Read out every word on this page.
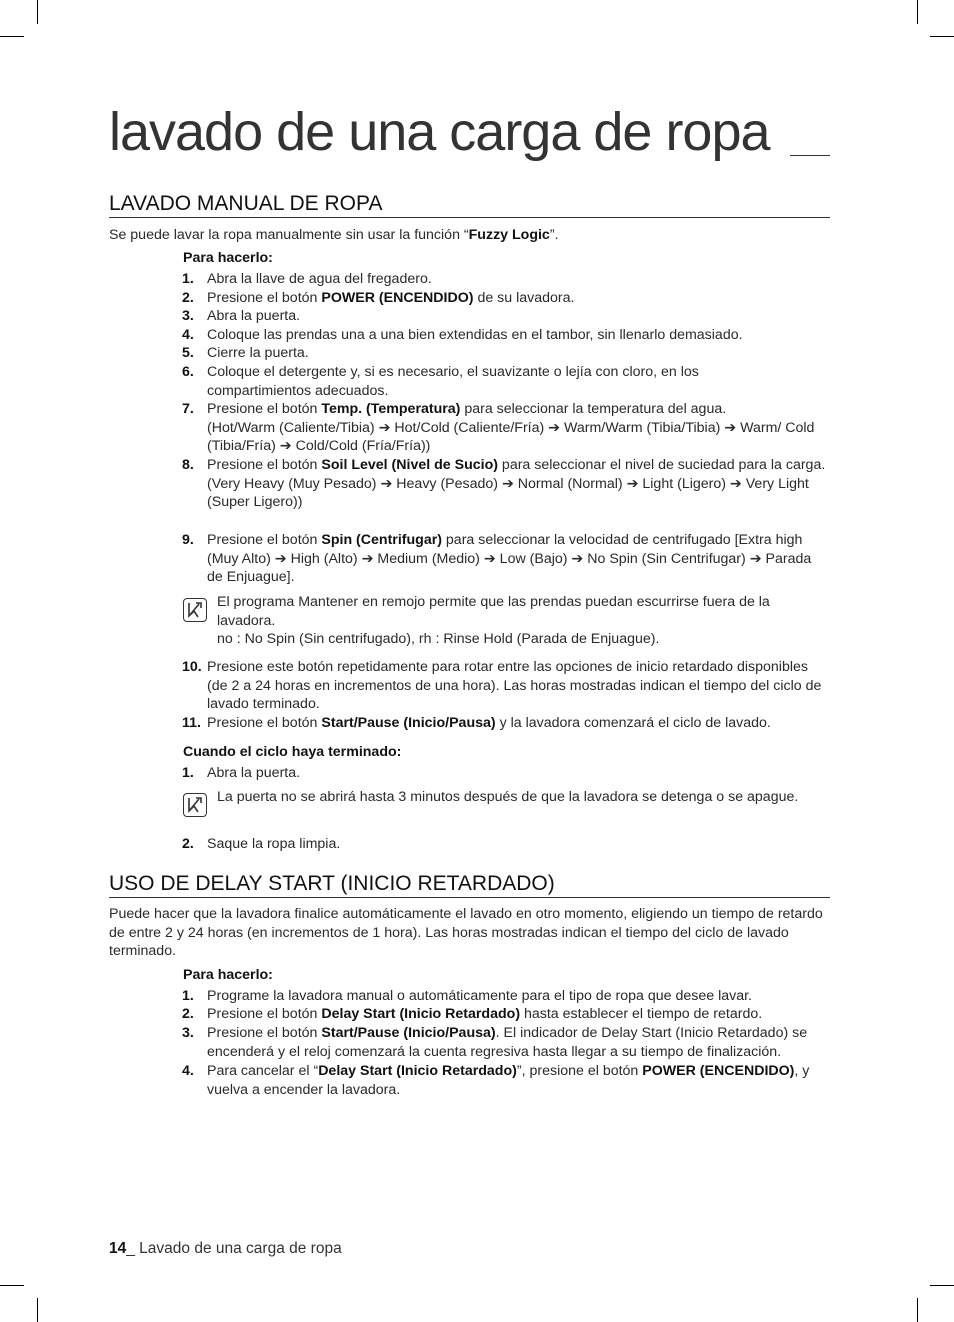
lavado de una carga de ropa
LAVADO MANUAL DE ROPA
Se puede lavar la ropa manualmente sin usar la función “Fuzzy Logic”.
Para hacerlo:
1. Abra la llave de agua del fregadero.
2. Presione el botón POWER (ENCENDIDO) de su lavadora.
3. Abra la puerta.
4. Coloque las prendas una a una bien extendidas en el tambor, sin llenarlo demasiado.
5. Cierre la puerta.
6. Coloque el detergente y, si es necesario, el suavizante o lejía con cloro, en los compartimientos adecuados.
7. Presione el botón Temp. (Temperatura) para seleccionar la temperatura del agua.
(Hot/Warm (Caliente/Tibia) ➔ Hot/Cold (Caliente/Fría) ➔ Warm/Warm (Tibia/Tibia) ➔ Warm/ Cold (Tibia/Fría) ➔ Cold/Cold (Fría/Fría))
8. Presione el botón Soil Level (Nivel de Sucio) para seleccionar el nivel de suciedad para la carga.
(Very Heavy (Muy Pesado) ➔ Heavy (Pesado) ➔ Normal (Normal) ➔ Light (Ligero) ➔ Very Light (Super Ligero))
9. Presione el botón Spin (Centrifugar) para seleccionar la velocidad de centrifugado [Extra high (Muy Alto) ➔ High (Alto) ➔ Medium (Medio) ➔ Low (Bajo) ➔ No Spin (Sin Centrifugar) ➔ Parada de Enjuague].
El programa Mantener en remojo permite que las prendas puedan escurrirse fuera de la lavadora.
no : No Spin (Sin centrifugado), rh : Rinse Hold (Parada de Enjuague).
10. Presione este botón repetidamente para rotar entre las opciones de inicio retardado disponibles (de 2 a 24 horas en incrementos de una hora). Las horas mostradas indican el tiempo del ciclo de lavado terminado.
11. Presione el botón Start/Pause (Inicio/Pausa) y la lavadora comenzará el ciclo de lavado.
Cuando el ciclo haya terminado:
1. Abra la puerta.
La puerta no se abrirá hasta 3 minutos después de que la lavadora se detenga o se apague.
2. Saque la ropa limpia.
USO DE DELAY START (INICIO RETARDADO)
Puede hacer que la lavadora finalice automáticamente el lavado en otro momento, eligiendo un tiempo de retardo de entre 2 y 24 horas (en incrementos de 1 hora). Las horas mostradas indican el tiempo del ciclo de lavado terminado.
Para hacerlo:
1. Programe la lavadora manual o automáticamente para el tipo de ropa que desee lavar.
2. Presione el botón Delay Start (Inicio Retardado) hasta establecer el tiempo de retardo.
3. Presione el botón Start/Pause (Inicio/Pausa). El indicador de Delay Start (Inicio Retardado) se encenderá y el reloj comenzará la cuenta regresiva hasta llegar a su tiempo de finalización.
4. Para cancelar el “Delay Start (Inicio Retardado)”, presione el botón POWER (ENCENDIDO), y vuelva a encender la lavadora.
14_ Lavado de una carga de ropa
